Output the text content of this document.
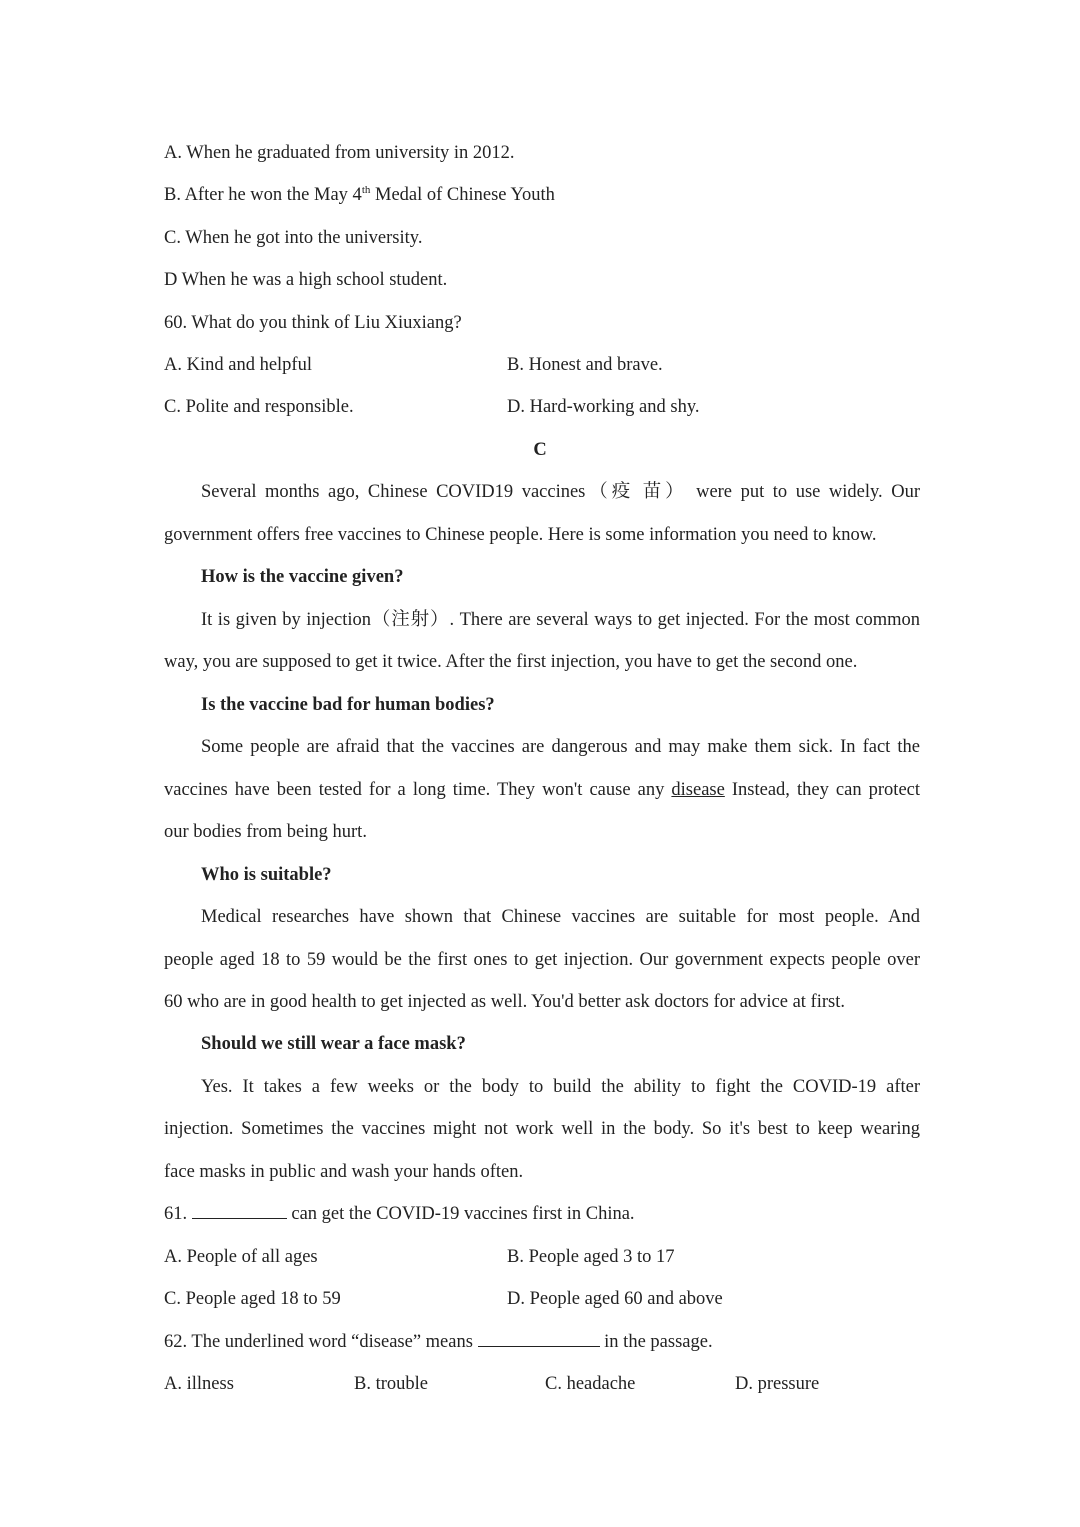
A. When he graduated from university in 2012.
B. After he won the May 4th Medal of Chinese Youth
C. When he got into the university.
D When he was a high school student.
60. What do you think of Liu Xiuxiang?
A. Kind and helpful	B. Honest and brave.
C. Polite and responsible.	D. Hard-working and shy.
C
Several months ago, Chinese COVID19 vaccines（疫 苗） were put to use widely. Our
government offers free vaccines to Chinese people. Here is some information you need to know.
How is the vaccine given?
It is given by injection（注射）. There are several ways to get injected. For the most common
way, you are supposed to get it twice. After the first injection, you have to get the second one.
Is the vaccine bad for human bodies?
Some people are afraid that the vaccines are dangerous and may make them sick. In fact the
vaccines have been tested for a long time. They won't cause any disease Instead, they can protect
our bodies from being hurt.
Who is suitable?
Medical researches have shown that Chinese vaccines are suitable for most people. And
people aged 18 to 59 would be the first ones to get injection. Our government expects people over
60 who are in good health to get injected as well. You'd better ask doctors for advice at first.
Should we still wear a face mask?
Yes. It takes a few weeks or the body to build the ability to fight the COVID-19 after
injection. Sometimes the vaccines might not work well in the body. So it's best to keep wearing
face masks in public and wash your hands often.
61.	can get the COVID-19 vaccines first in China.
A. People of all ages	B. People aged 3 to 17
C. People aged 18 to 59	D. People aged 60 and above
62. The underlined word “disease” means	in the passage.
A. illness	B. trouble	C. headache	D. pressure
